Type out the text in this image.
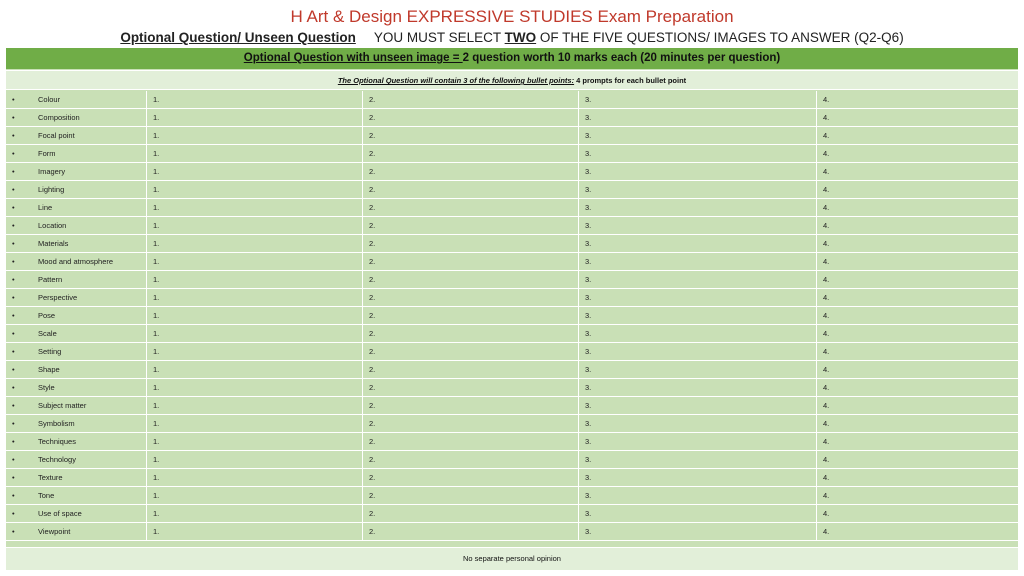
H Art & Design EXPRESSIVE STUDIES Exam Preparation
Optional Question/ Unseen Question YOU MUST SELECT TWO OF THE FIVE QUESTIONS/ IMAGES TO ANSWER (Q2-Q6)
Optional Question with unseen image = 2 question worth 10 marks each (20 minutes per question)
The Optional Question will contain 3 of the following bullet points: 4 prompts for each bullet point
•	Colour	1.	2.	3.	4.
•	Composition	1.	2.	3.	4.
•	Focal point	1.	2.	3.	4.
•	Form	1.	2.	3.	4.
•	Imagery	1.	2.	3.	4.
•	Lighting	1.	2.	3.	4.
•	Line	1.	2.	3.	4.
•	Location	1.	2.	3.	4.
•	Materials	1.	2.	3.	4.
•	Mood and atmosphere	1.	2.	3.	4.
•	Pattern	1.	2.	3.	4.
•	Perspective	1.	2.	3.	4.
•	Pose	1.	2.	3.	4.
•	Scale	1.	2.	3.	4.
•	Setting	1.	2.	3.	4.
•	Shape	1.	2.	3.	4.
•	Style	1.	2.	3.	4.
•	Subject matter	1.	2.	3.	4.
•	Symbolism	1.	2.	3.	4.
•	Techniques	1.	2.	3.	4.
•	Technology	1.	2.	3.	4.
•	Texture	1.	2.	3.	4.
•	Tone	1.	2.	3.	4.
•	Use of space	1.	2.	3.	4.
•	Viewpoint	1.	2.	3.	4.
No separate personal opinion
